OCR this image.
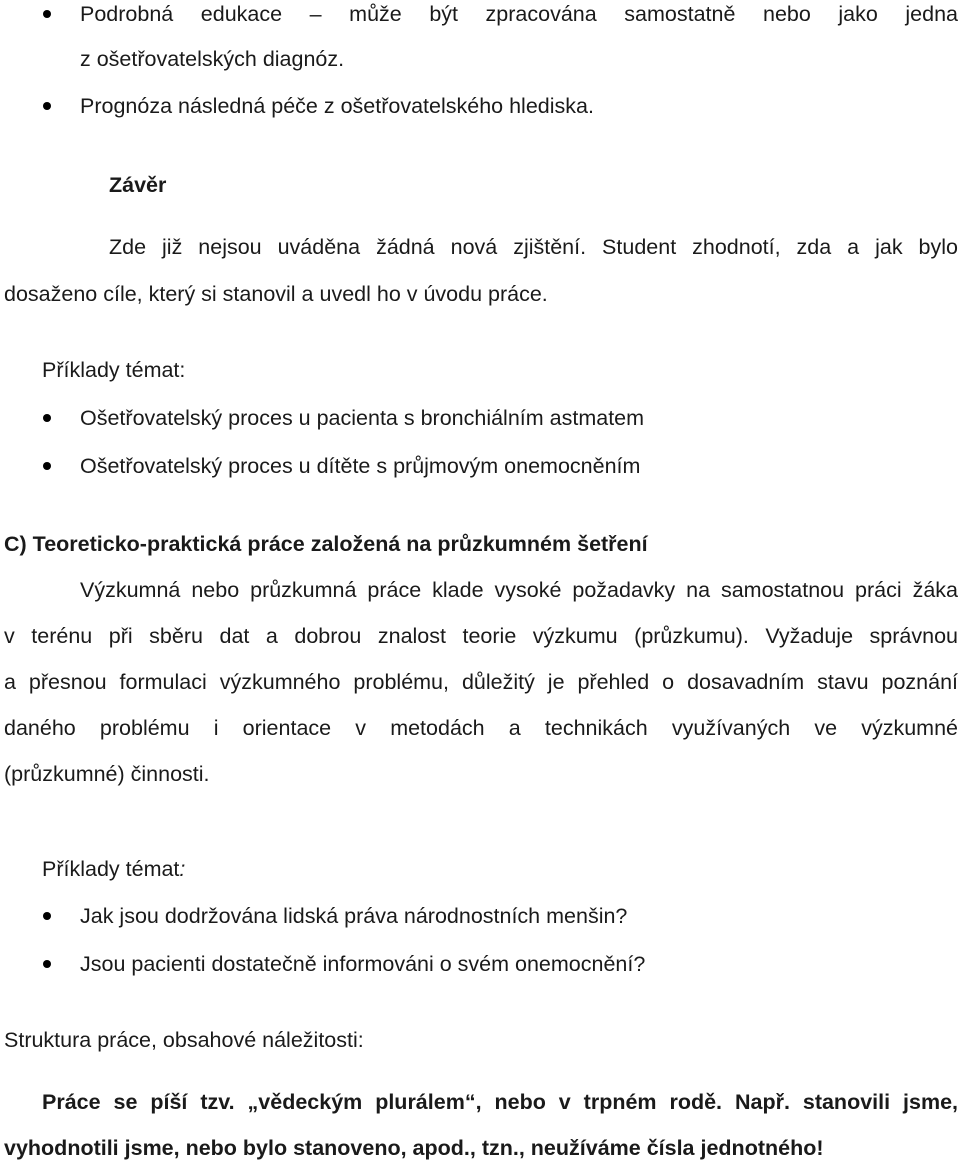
Podrobná edukace – může být zpracována samostatně nebo jako jedna
z ošetřovatelských diagnóz.
Prognóza následná péče z ošetřovatelského hlediska.
Závěr
Zde již nejsou uváděna žádná nová zjištění. Student zhodnotí, zda a jak bylo
dosaženo cíle, který si stanovil a uvedl ho v úvodu práce.
Příklady témat:
Ošetřovatelský proces u pacienta s bronchiálním astmatem
Ošetřovatelský proces u dítěte s průjmovým onemocněním
C) Teoreticko-praktická práce založená na průzkumném šetření
Výzkumná nebo průzkumná práce klade vysoké požadavky na samostatnou práci žáka
v terénu při sběru dat a dobrou znalost teorie výzkumu (průzkumu). Vyžaduje správnou
a přesnou formulaci výzkumného problému, důležitý je přehled o dosavadním stavu poznání
daného problému i orientace v metodách a technikách využívaných ve výzkumné
(průzkumné) činnosti.
Příklady témat:
Jak jsou dodržována lidská práva národnostních menšin?
Jsou pacienti dostatečně informováni o svém onemocnění?
Struktura práce, obsahové náležitosti:
Práce se píší tzv. „vědeckým plurálem“, nebo v trpném rodě. Např. stanovili jsme,
vyhodnotili jsme, nebo bylo stanoveno, apod., tzn., neužíváme čísla jednotného!
